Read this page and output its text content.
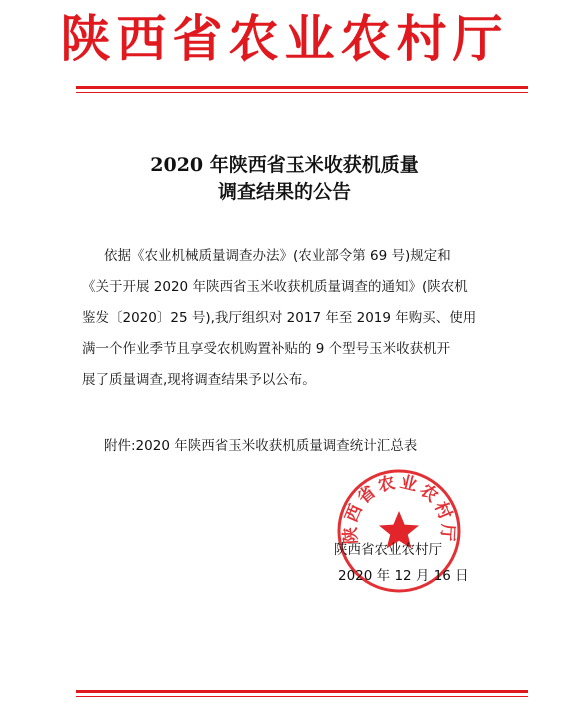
陕西省农业农村厅
2020 年陕西省玉米收获机质量
调查结果的公告
依据《农业机械质量调查办法》(农业部令第 69 号)规定和
《关于开展 2020 年陕西省玉米收获机质量调查的通知》(陕农机
鉴发〔2020〕25 号),我厅组织对 2017 年至 2019 年购买、使用
满一个作业季节且享受农机购置补贴的 9 个型号玉米收获机开
展了质量调查,现将调查结果予以公布。
附件:2020 年陕西省玉米收获机质量调查统计汇总表
陕西省农业农村厅
陕西省农业农村厅
2020 年 12 月 16 日
